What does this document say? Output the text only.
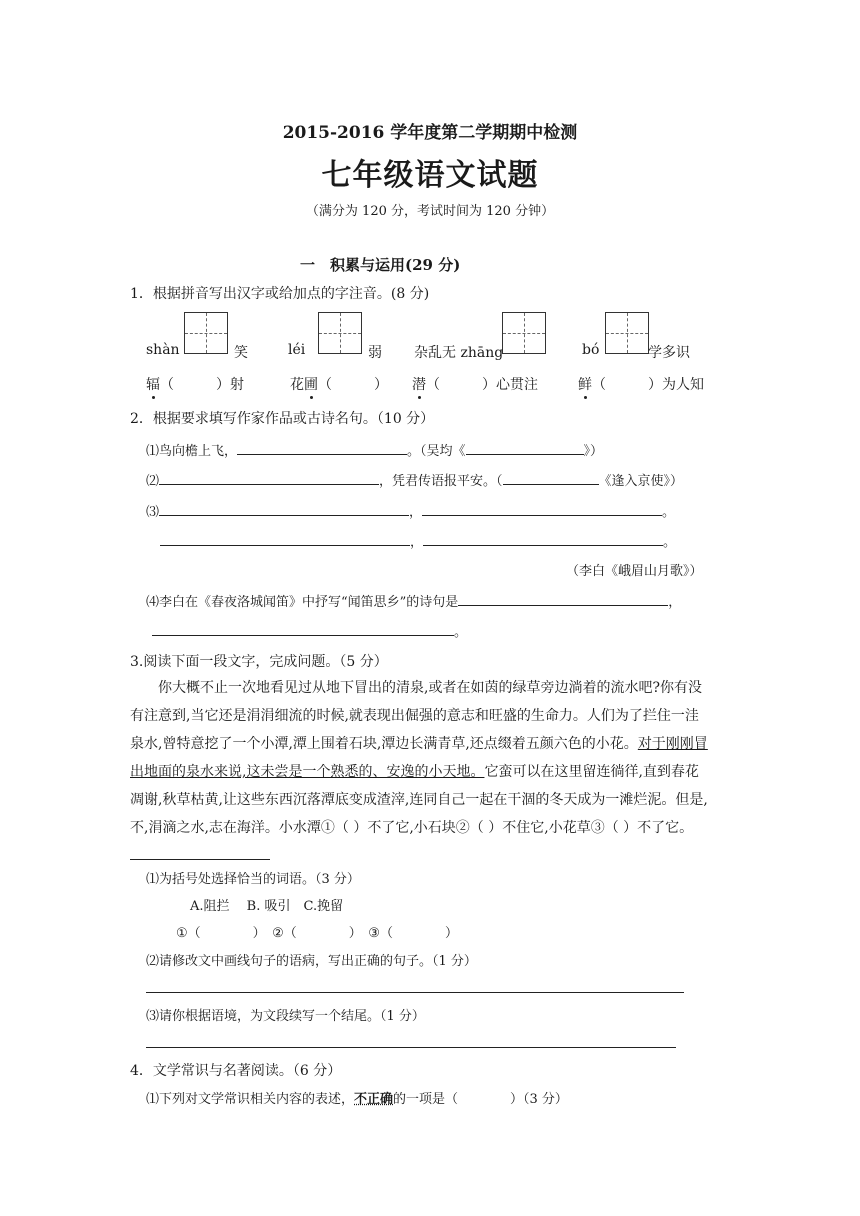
2015-2016 学年度第二学期期中检测
七年级语文试题
（满分为 120 分，考试时间为 120 分钟）
一　积累与运用(29 分)
1．根据拼音写出汉字或给加点的字注音。(8 分)
shàn	笑	léi	弱 杂乱无 zhāng	bó	学多识
辐（　　　）射	花圃（　　　） 潜（　　　）心贯注	鲜（　　　）为人知
2．根据要求填写作家作品或古诗名句。（10 分）
⑴鸟向檐上飞，	。（吴均《	》）
⑵	，凭君传语报平安。（	《逢入京使》）
⑶	，	。
，	。
（李白《峨眉山月歌》）
⑷李白在《春夜洛城闻笛》中抒写“闻笛思乡”的诗句是	，
。
3.阅读下面一段文字，完成问题。（5 分）
你大概不止一次地看见过从地下冒出的清泉,或者在如茵的绿草旁边淌着的流水吧?你有没有注意到,当它还是涓涓细流的时候,就表现出倔强的意志和旺盛的生命力。人们为了拦住一洼泉水,曾特意挖了一个小潭,潭上围着石块,潭边长满青草,还点缀着五颜六色的小花。对于刚刚冒出地面的泉水来说,这未尝是一个熟悉的、安逸的小天地。它蛮可以在这里留连徜徉,直到春花凋谢,秋草枯黄,让这些东西沉落潭底变成渣滓,连同自己一起在干涸的冬天成为一滩烂泥。但是,不,涓滴之水,志在海洋。小水潭①（ ）不了它,小石块②（ ）不住它,小花草③（ ）不了它。
⑴为括号处选择恰当的词语。（3 分）
A.阻拦　 B. 吸引　C.挽留
①（　　　　）　②（　　　　）　③（　　　　）
⑵请修改文中画线句子的语病，写出正确的句子。（1 分）
⑶请你根据语境，为文段续写一个结尾。（1 分）
4．文学常识与名著阅读。（6 分）
⑴下列对文学常识相关内容的表述，不正确的一项是（　　　　）（3 分）
